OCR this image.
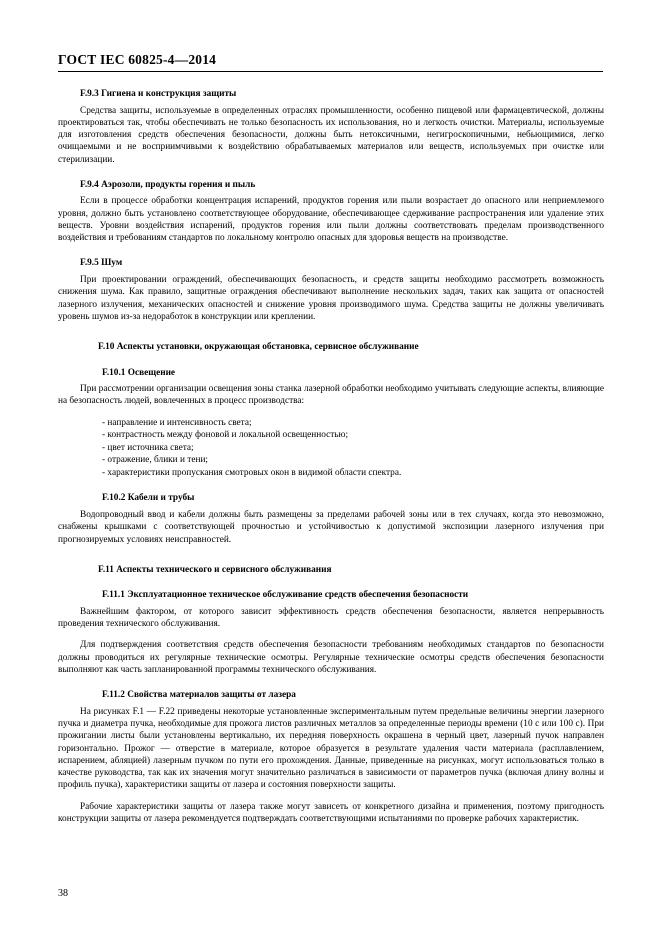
ГОСТ IEC 60825-4—2014
F.9.3 Гигиена и конструкция защиты

Средства защиты, используемые в определенных отраслях промышленности, особенно пищевой или фармацевтической, должны проектироваться так, чтобы обеспечивать не только безопасность их использования, но и легкость очистки. Материалы, используемые для изготовления средств обеспечения безопасности, должны быть нетоксичными, негигроскопичными, небьющимися, легко очищаемыми и не восприимчивыми к воздействию обрабатываемых материалов или веществ, используемых при очистке или стерилизации.

F.9.4 Аэрозоли, продукты горения и пыль

Если в процессе обработки концентрация испарений, продуктов горения или пыли возрастает до опасного или неприемлемого уровня, должно быть установлено соответствующее оборудование, обеспечивающее сдерживание распространения или удаление этих веществ. Уровни воздействия испарений, продуктов горения или пыли должны соответствовать пределам производственного воздействия и требованиям стандартов по локальному контролю опасных для здоровья веществ на производстве.

F.9.5 Шум

При проектировании ограждений, обеспечивающих безопасность, и средств защиты необходимо рассмотреть возможность снижения шума. Как правило, защитные ограждения обеспечивают выполнение нескольких задач, таких как защита от опасностей лазерного излучения, механических опасностей и снижение уровня производимого шума. Средства защиты не должны увеличивать уровень шумов из-за недоработок в конструкции или креплении.

F.10 Аспекты установки, окружающая обстановка, сервисное обслуживание
F.10.1 Освещение

При рассмотрении организации освещения зоны станка лазерной обработки необходимо учитывать следующие аспекты, влияющие на безопасность людей, вовлеченных в процесс производства:

- направление и интенсивность света;
- контрастность между фоновой и локальной освещенностью;
- цвет источника света;
- отражение, блики и тени;
- характеристики пропускания смотровых окон в видимой области спектра.
F.10.2 Кабели и трубы

Водопроводный ввод и кабели должны быть размещены за пределами рабочей зоны или в тех случаях, когда это невозможно, снабжены крышками с соответствующей прочностью и устойчивостью к допустимой экспозиции лазерного излучения при прогнозируемых условиях неисправностей.

F.11 Аспекты технического и сервисного обслуживания
F.11.1 Эксплуатационное техническое обслуживание средств обеспечения безопасности

Важнейшим фактором, от которого зависит эффективность средств обеспечения безопасности, является непрерывность проведения технического обслуживания.

Для подтверждения соответствия средств обеспечения безопасности требованиям необходимых стандартов по безопасности должны проводиться их регулярные технические осмотры. Регулярные технические осмотры средств обеспечения безопасности выполняют как часть запланированной программы технического обслуживания.

F.11.2 Свойства материалов защиты от лазера

На рисунках F.1 — F.22 приведены некоторые установленные экспериментальным путем предельные величины энергии лазерного пучка и диаметра пучка, необходимые для прожога листов различных металлов за определенные периоды времени (10 с или 100 с). При прожигании листы были установлены вертикально, их передняя поверхность окрашена в черный цвет, лазерный пучок направлен горизонтально. Прожог — отверстие в материале, которое образуется в результате удаления части материала (расплавлением, испарением, абляцией) лазерным пучком по пути его прохождения. Данные, приведенные на рисунках, могут использоваться только в качестве руководства, так как их значения могут значительно различаться в зависимости от параметров пучка (включая длину волны и профиль пучка), характеристики защиты от лазера и состояния поверхности защиты.

Рабочие характеристики защиты от лазера также могут зависеть от конкретного дизайна и применения, поэтому пригодность конструкции защиты от лазера рекомендуется подтверждать соответствующими испытаниями по проверке рабочих характеристик.

38
